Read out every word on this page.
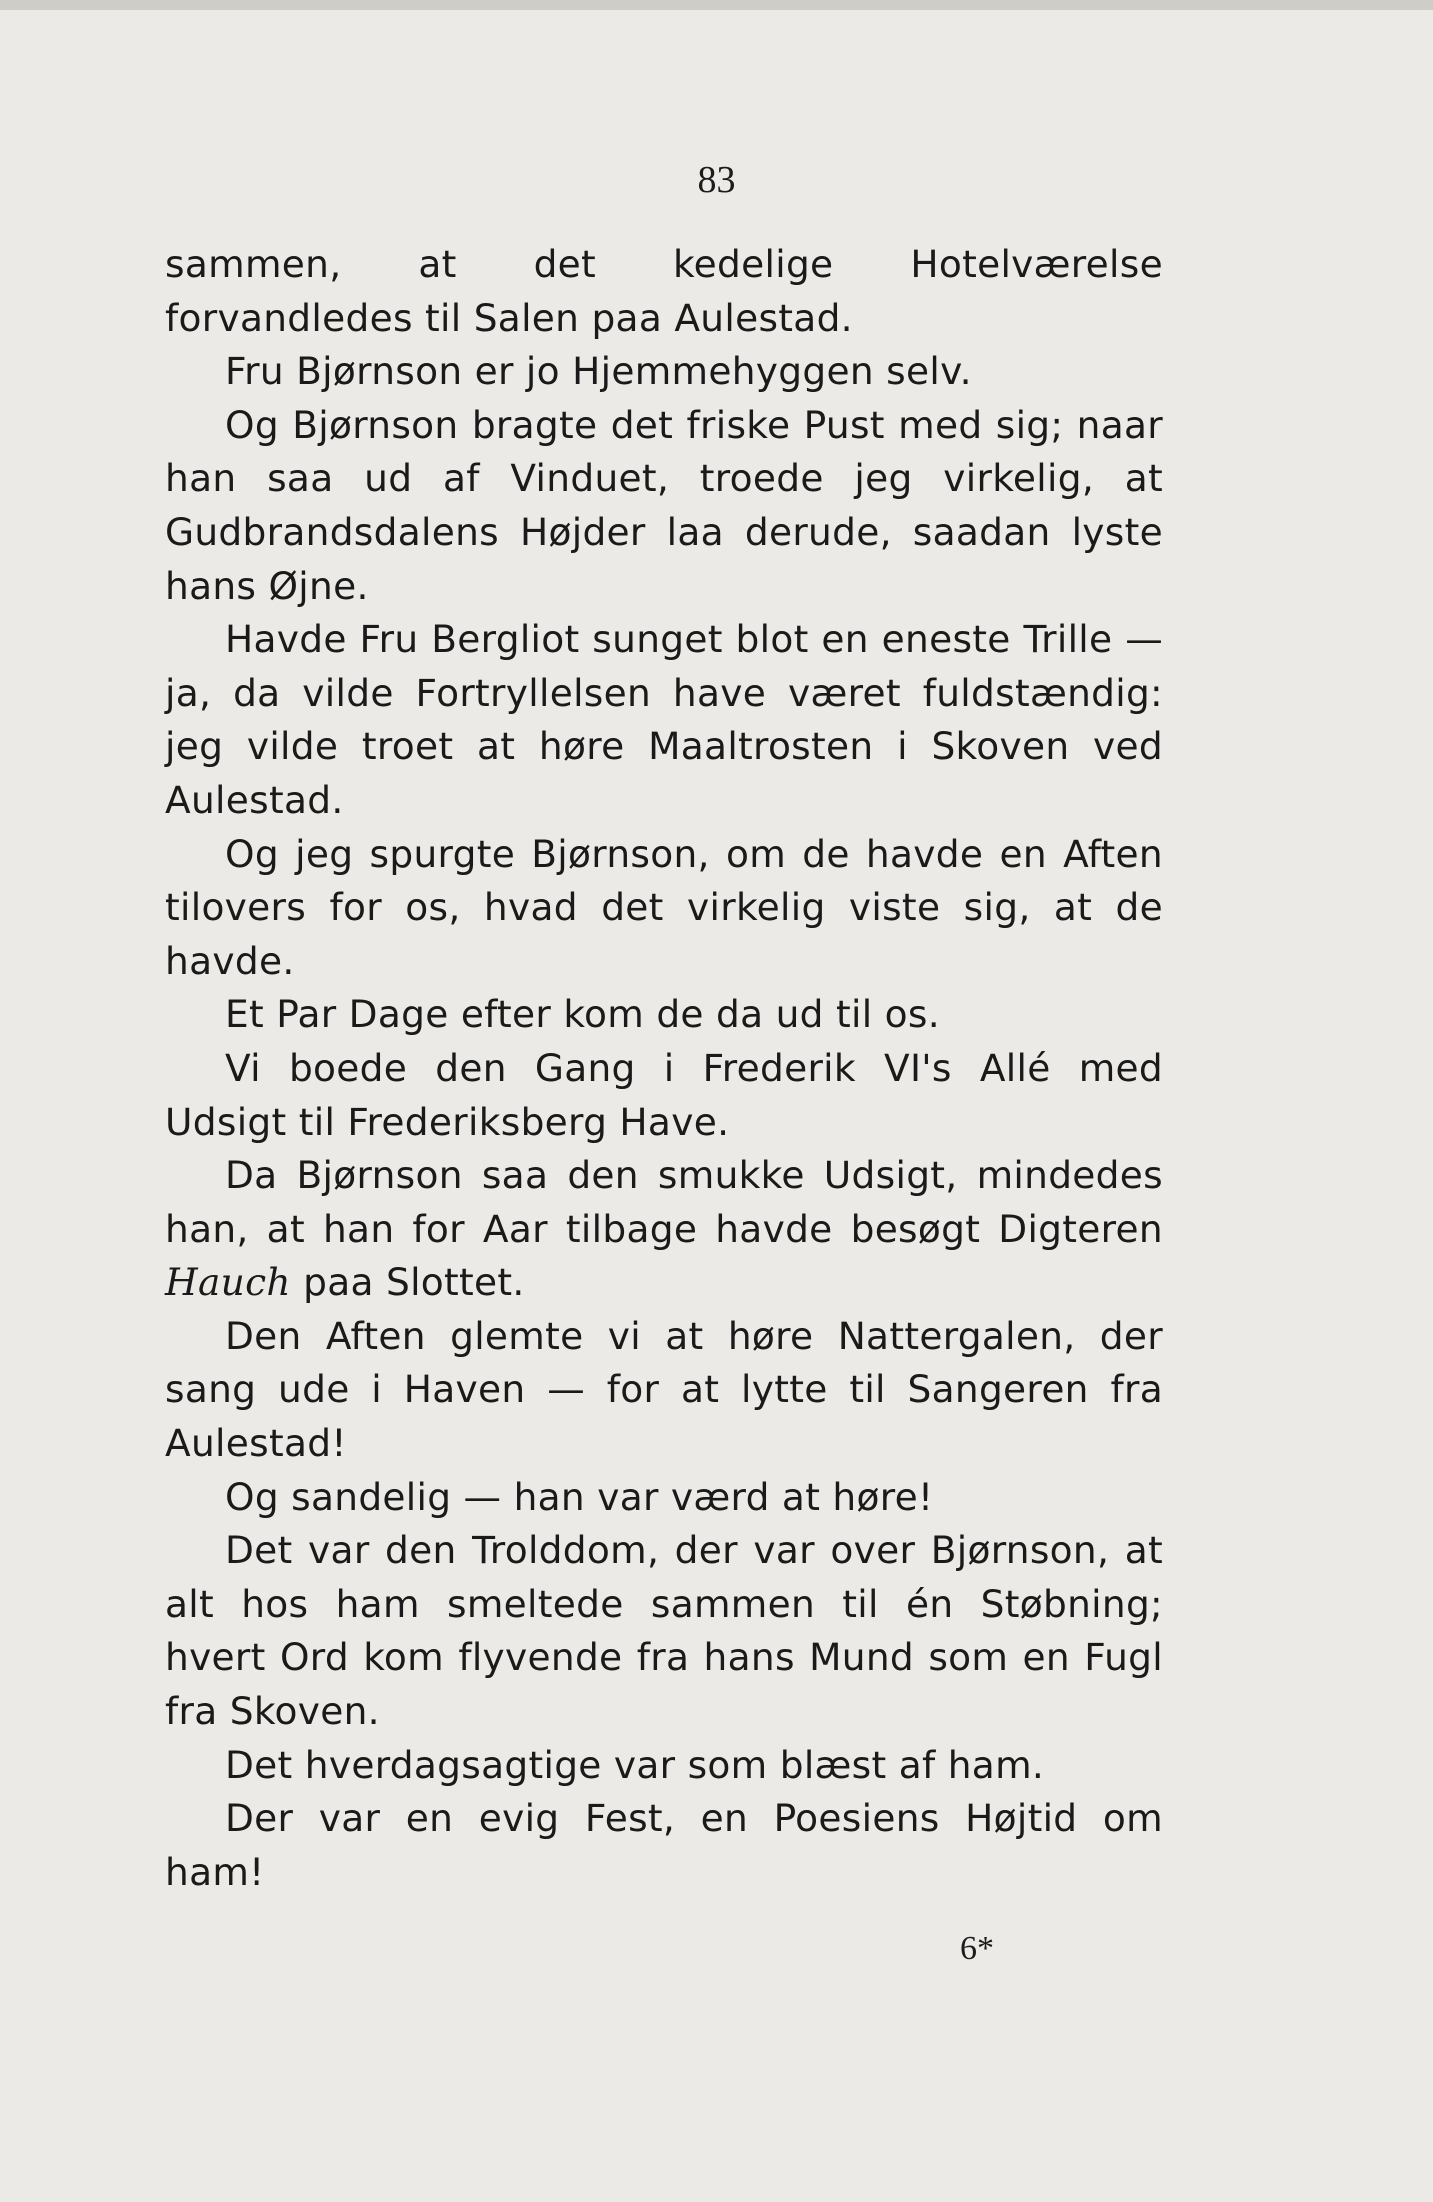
83

sammen, at det kedelige Hotelværelse forvandledes til Salen paa Aulestad.

Fru Bjørnson er jo Hjemmehyggen selv.

Og Bjørnson bragte det friske Pust med sig; naar han saa ud af Vinduet, troede jeg virkelig, at Gudbrandsdalens Højder laa derude, saadan lyste hans Øjne.

Havde Fru Bergliot sunget blot en eneste Trille — ja, da vilde Fortryllelsen have været fuldstændig: jeg vilde troet at høre Maaltrosten i Skoven ved Aulestad.

Og jeg spurgte Bjørnson, om de havde en Aften tilovers for os, hvad det virkelig viste sig, at de havde.

Et Par Dage efter kom de da ud til os.

Vi boede den Gang i Frederik VI's Allé med Udsigt til Frederiksberg Have.

Da Bjørnson saa den smukke Udsigt, mindedes han, at han for Aar tilbage havde besøgt Digteren Hauch paa Slottet.

Den Aften glemte vi at høre Nattergalen, der sang ude i Haven — for at lytte til Sangeren fra Aulestad!

Og sandelig — han var værd at høre!

Det var den Trolddom, der var over Bjørnson, at alt hos ham smeltede sammen til én Støbning; hvert Ord kom flyvende fra hans Mund som en Fugl fra Skoven.

Det hverdagsagtige var som blæst af ham.

Der var en evig Fest, en Poesiens Højtid om ham!

6*
